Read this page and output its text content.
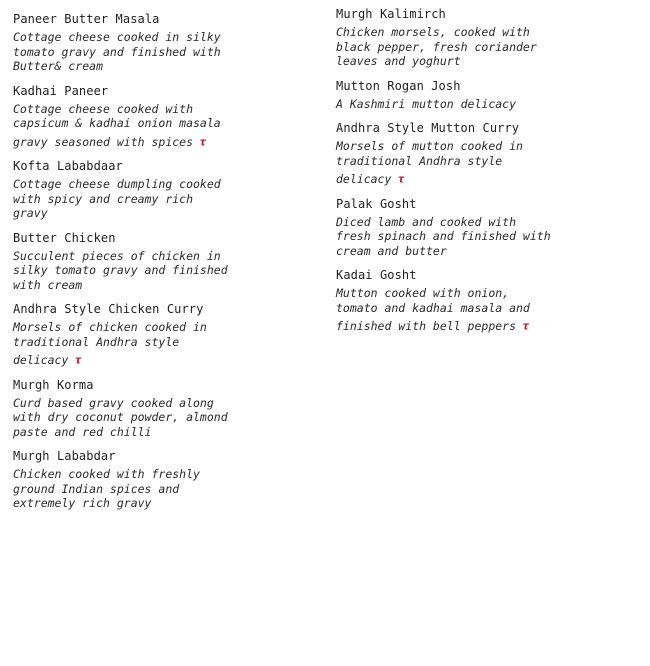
Paneer Butter Masala

Cottage cheese cooked in silky
tomato gravy and finished with
Butter& cream

Kadhai Paneer

Cottage cheese cooked with
capsicum & kadhai onion masala
gravy seasoned with spices τ

Kofta Lababdaar

Cottage cheese dumpling cooked
with spicy and creamy rich
gravy

Butter Chicken

Succulent pieces of chicken in
silky tomato gravy and finished
with cream

Andhra Style Chicken Curry

Morsels of chicken cooked in
traditional Andhra style
delicacy τ

Murgh Korma

Curd based gravy cooked along
with dry coconut powder, almond
paste and red chilli

Murgh Lababdar

Chicken cooked with freshly
ground Indian spices and
extremely rich gravy

Murgh Kalimirch

Chicken morsels, cooked with
black pepper, fresh coriander
leaves and yoghurt

Mutton Rogan Josh

A Kashmiri mutton delicacy

Andhra Style Mutton Curry

Morsels of mutton cooked in
traditional Andhra style
delicacy τ

Palak Gosht

Diced lamb and cooked with
fresh spinach and finished with
cream and butter

Kadai Gosht

Mutton cooked with onion,
tomato and kadhai masala and
finished with bell peppers τ
